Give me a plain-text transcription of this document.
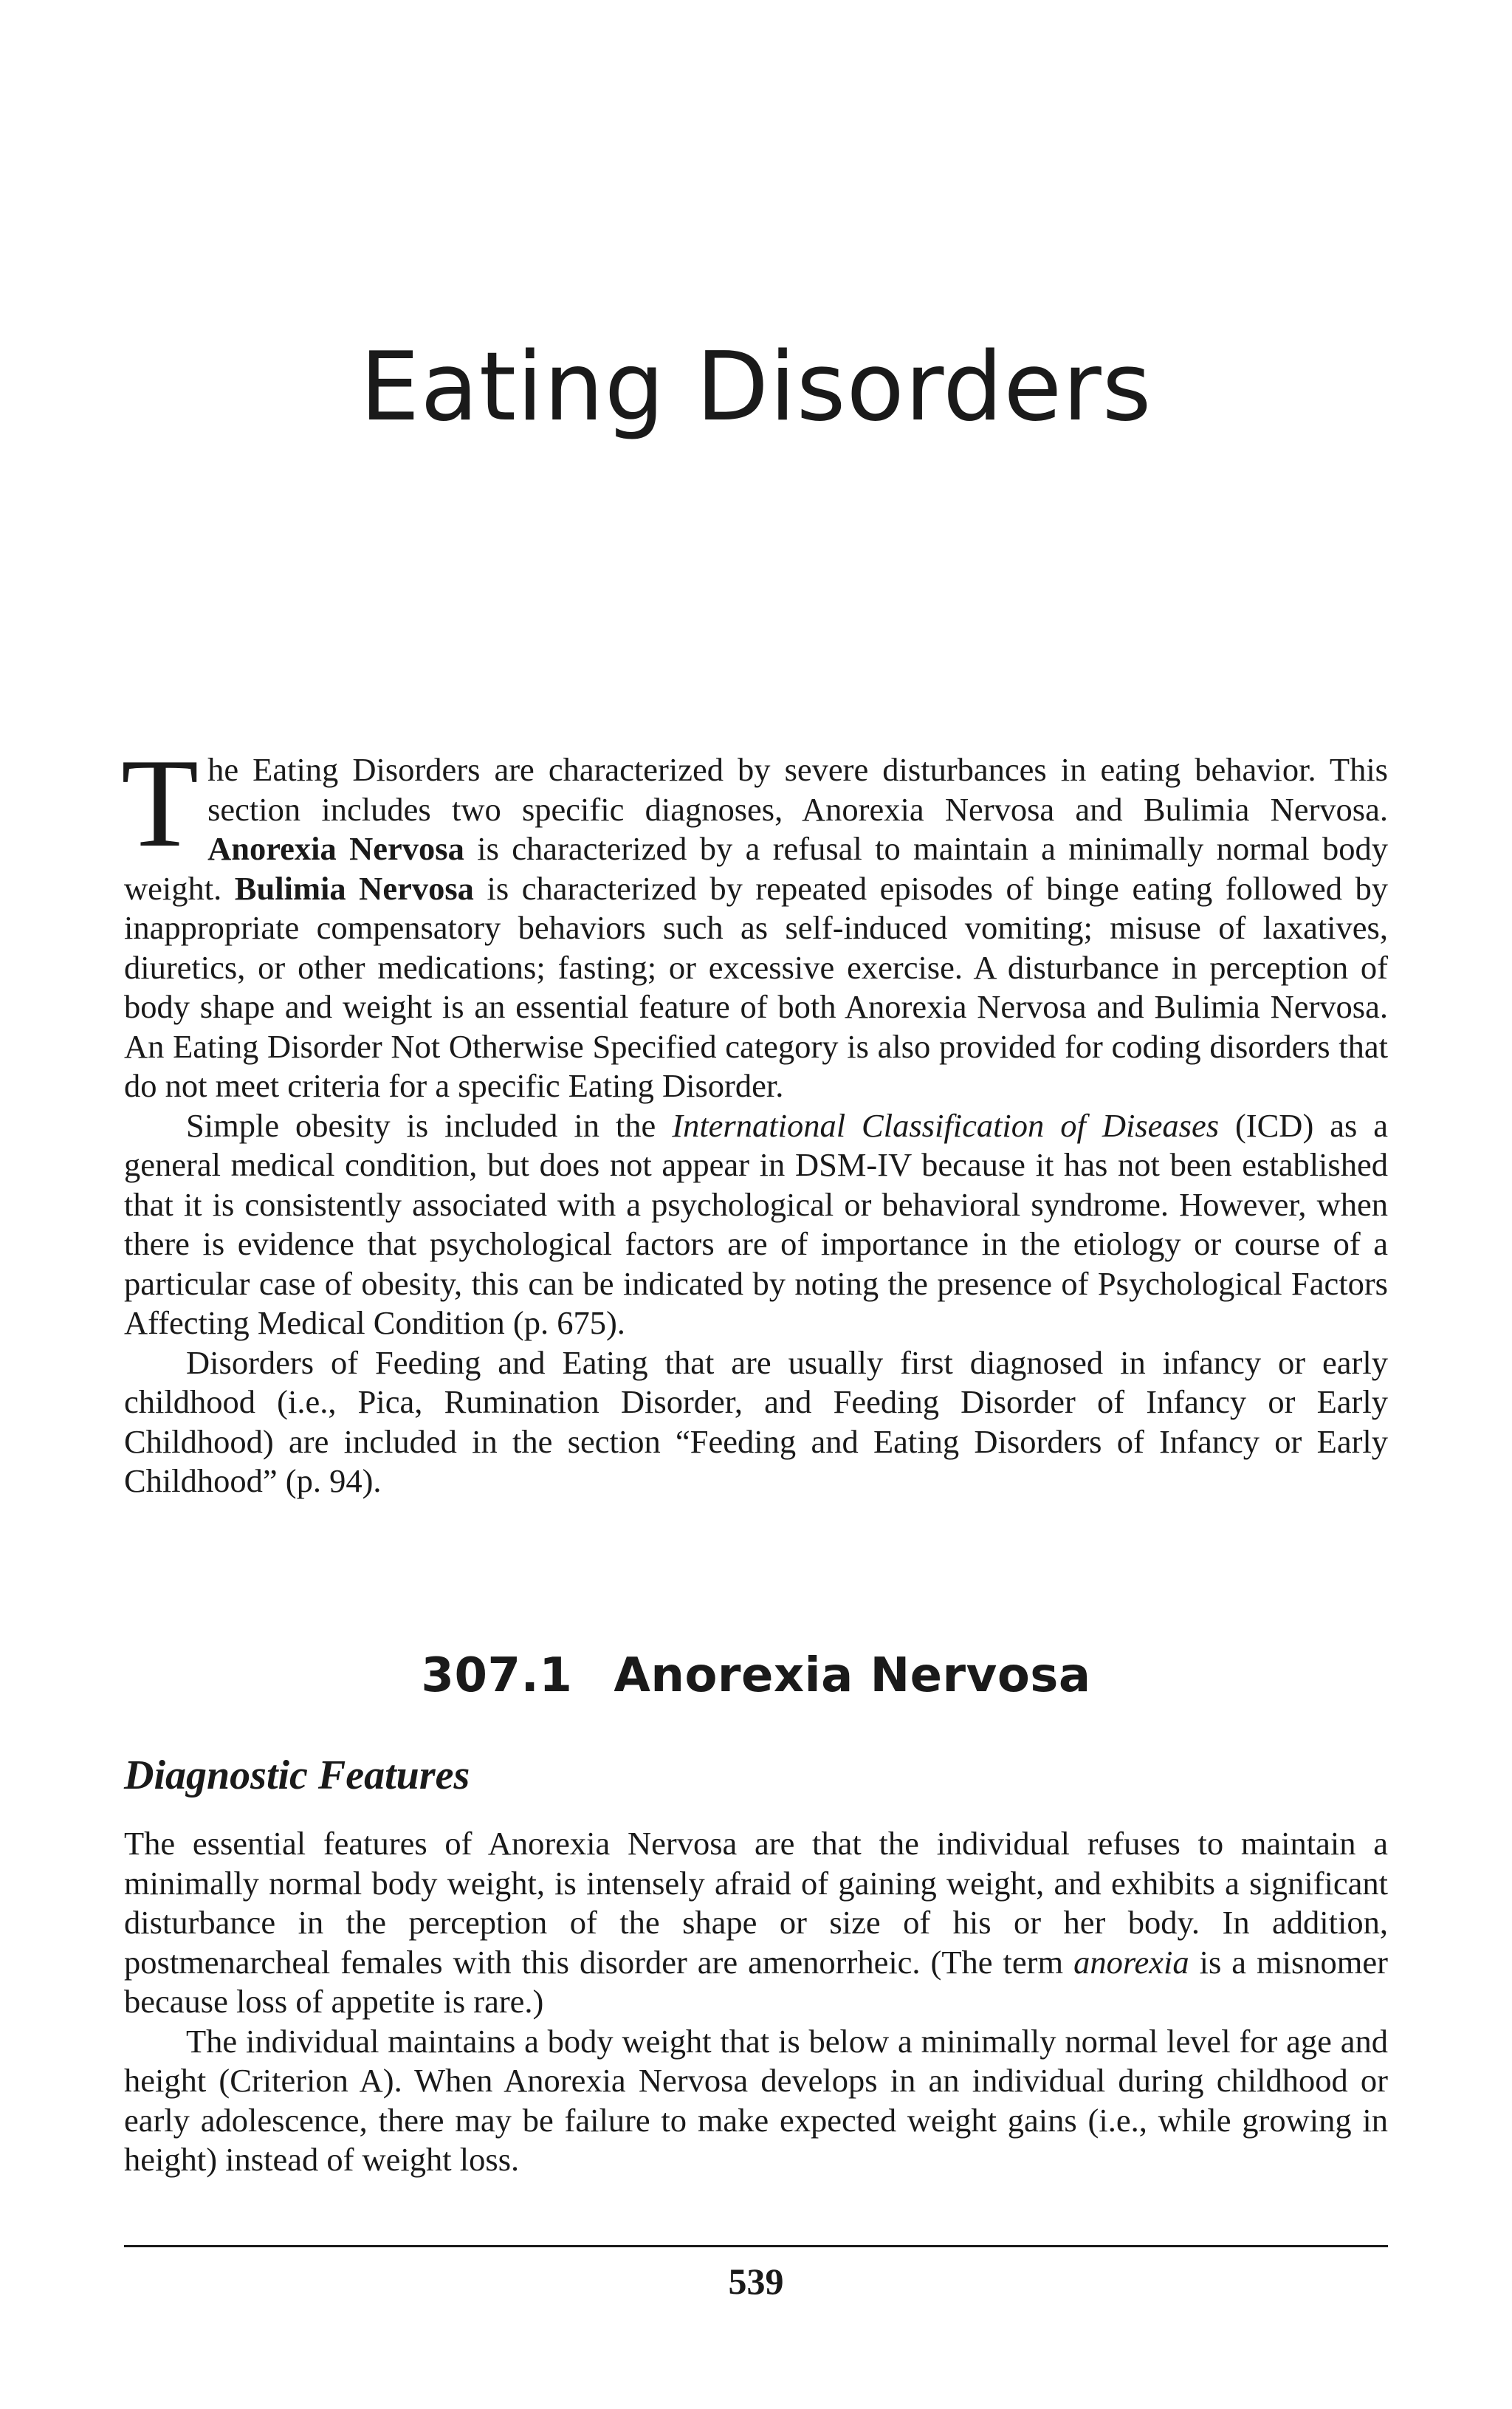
Eating Disorders

The Eating Disorders are characterized by severe disturbances in eating behavior. This section includes two specific diagnoses, Anorexia Nervosa and Bulimia Nervosa. Anorexia Nervosa is characterized by a refusal to maintain a minimally normal body weight. Bulimia Nervosa is characterized by repeated episodes of binge eating followed by inappropriate compensatory behaviors such as self-induced vomiting; misuse of laxatives, diuretics, or other medications; fasting; or excessive exercise. A disturbance in perception of body shape and weight is an essential feature of both Anorexia Nervosa and Bulimia Nervosa. An Eating Disorder Not Otherwise Specified category is also provided for coding disorders that do not meet criteria for a specific Eating Disorder.

Simple obesity is included in the International Classification of Diseases (ICD) as a general medical condition, but does not appear in DSM-IV because it has not been established that it is consistently associated with a psychological or behavioral syndrome. However, when there is evidence that psychological factors are of importance in the etiology or course of a particular case of obesity, this can be indicated by noting the presence of Psychological Factors Affecting Medical Condition (p. 675).

Disorders of Feeding and Eating that are usually first diagnosed in infancy or early childhood (i.e., Pica, Rumination Disorder, and Feeding Disorder of Infancy or Early Childhood) are included in the section “Feeding and Eating Disorders of Infancy or Early Childhood” (p. 94).

307.1 Anorexia Nervosa
Diagnostic Features

The essential features of Anorexia Nervosa are that the individual refuses to maintain a minimally normal body weight, is intensely afraid of gaining weight, and exhibits a significant disturbance in the perception of the shape or size of his or her body. In addition, postmenarcheal females with this disorder are amenorrheic. (The term anorexia is a misnomer because loss of appetite is rare.)

The individual maintains a body weight that is below a minimally normal level for age and height (Criterion A). When Anorexia Nervosa develops in an individual during childhood or early adolescence, there may be failure to make expected weight gains (i.e., while growing in height) instead of weight loss.

539
